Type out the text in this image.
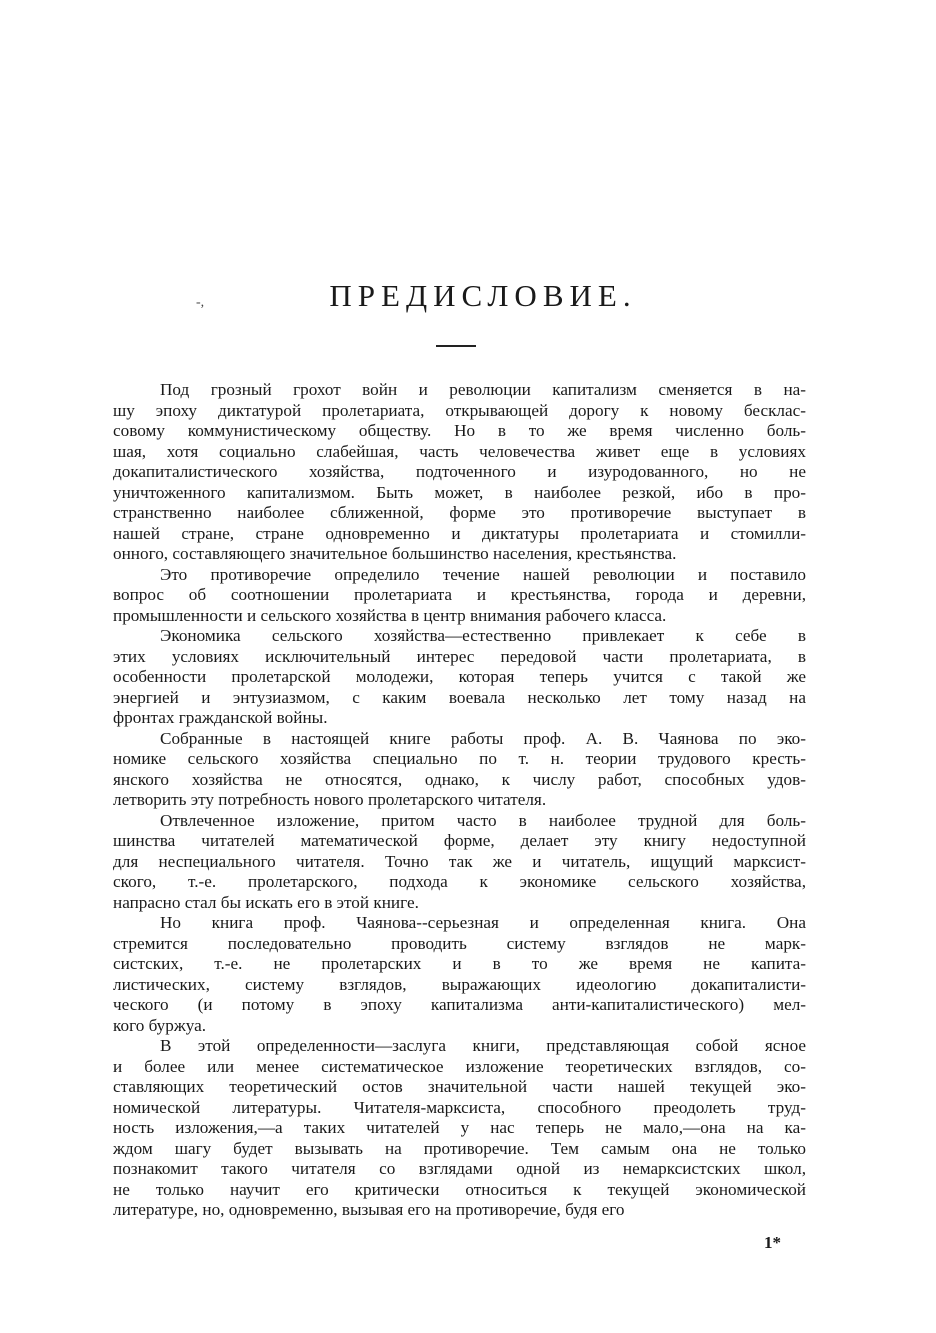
-,	ПРЕДИСЛОВИЕ.
Под грозный грохот войн и революции капитализм сменяется в на-
шу эпоху диктатурой пролетариата, открывающей дорогу к новому бесклас-
совому коммунистическому обществу. Но в то же время численно боль-
шая, хотя социально слабейшая, часть человечества живет еще в условиях
докапиталистического хозяйства, подточенного и изуродованного, но не
уничтоженного капитализмом. Быть может, в наиболее резкой, ибо в про-
странственно наиболее сближенной, форме это противоречие выступает в
нашей стране, стране одновременно и диктатуры пролетариата и стомилли-
онного, составляющего значительное большинство населения, крестьянства.
Это противоречие определило течение нашей революции и поставило
вопрос об соотношении пролетариата и крестьянства, города и деревни,
промышленности и сельского хозяйства в центр внимания рабочего класса.
Экономика сельского хозяйства—естественно привлекает к себе в
этих условиях исключительный интерес передовой части пролетариата, в
особенности пролетарской молодежи, которая теперь учится с такой же
энергией и энтузиазмом, с каким воевала несколько лет тому назад на
фронтах гражданской войны.
Собранные в настоящей книге работы проф. А. В. Чаянова по эко-
номике сельского хозяйства специально по т. н. теории трудового кресть-
янского хозяйства не относятся, однако, к числу работ, способных удов-
летворить эту потребность нового пролетарского читателя.
Отвлеченное изложение, притом часто в наиболее трудной для боль-
шинства читателей математической форме, делает эту книгу недоступной
для неспециального читателя. Точно так же и читатель, ищущий марксист-
ского, т.-е. пролетарского, подхода к экономике сельского хозяйства,
напрасно стал бы искать его в этой книге.
Но книга проф. Чаянова--серьезная и определенная книга. Она
стремится последовательно проводить систему взглядов не марк-
систских, т.-е. не пролетарских и в то же время не капита-
листических, систему взглядов, выражающих идеологию докапиталисти-
ческого (и потому в эпоху капитализма анти-капиталистического) мел-
кого буржуа.
В этой определенности—заслуга книги, представляющая собой ясное
и более или менее систематическое изложение теоретических взглядов, со-
ставляющих теоретический остов значительной части нашей текущей эко-
номической литературы. Читателя-марксиста, способного преодолеть труд-
ность изложения,—а таких читателей у нас теперь не мало,—она на ка-
ждом шагу будет вызывать на противоречие. Тем самым она не только
познакомит такого читателя со взглядами одной из немарксистских школ,
не только научит его критически относиться к текущей экономической
литературе, но, одновременно, вызывая его на противоречие, будя его
1*
